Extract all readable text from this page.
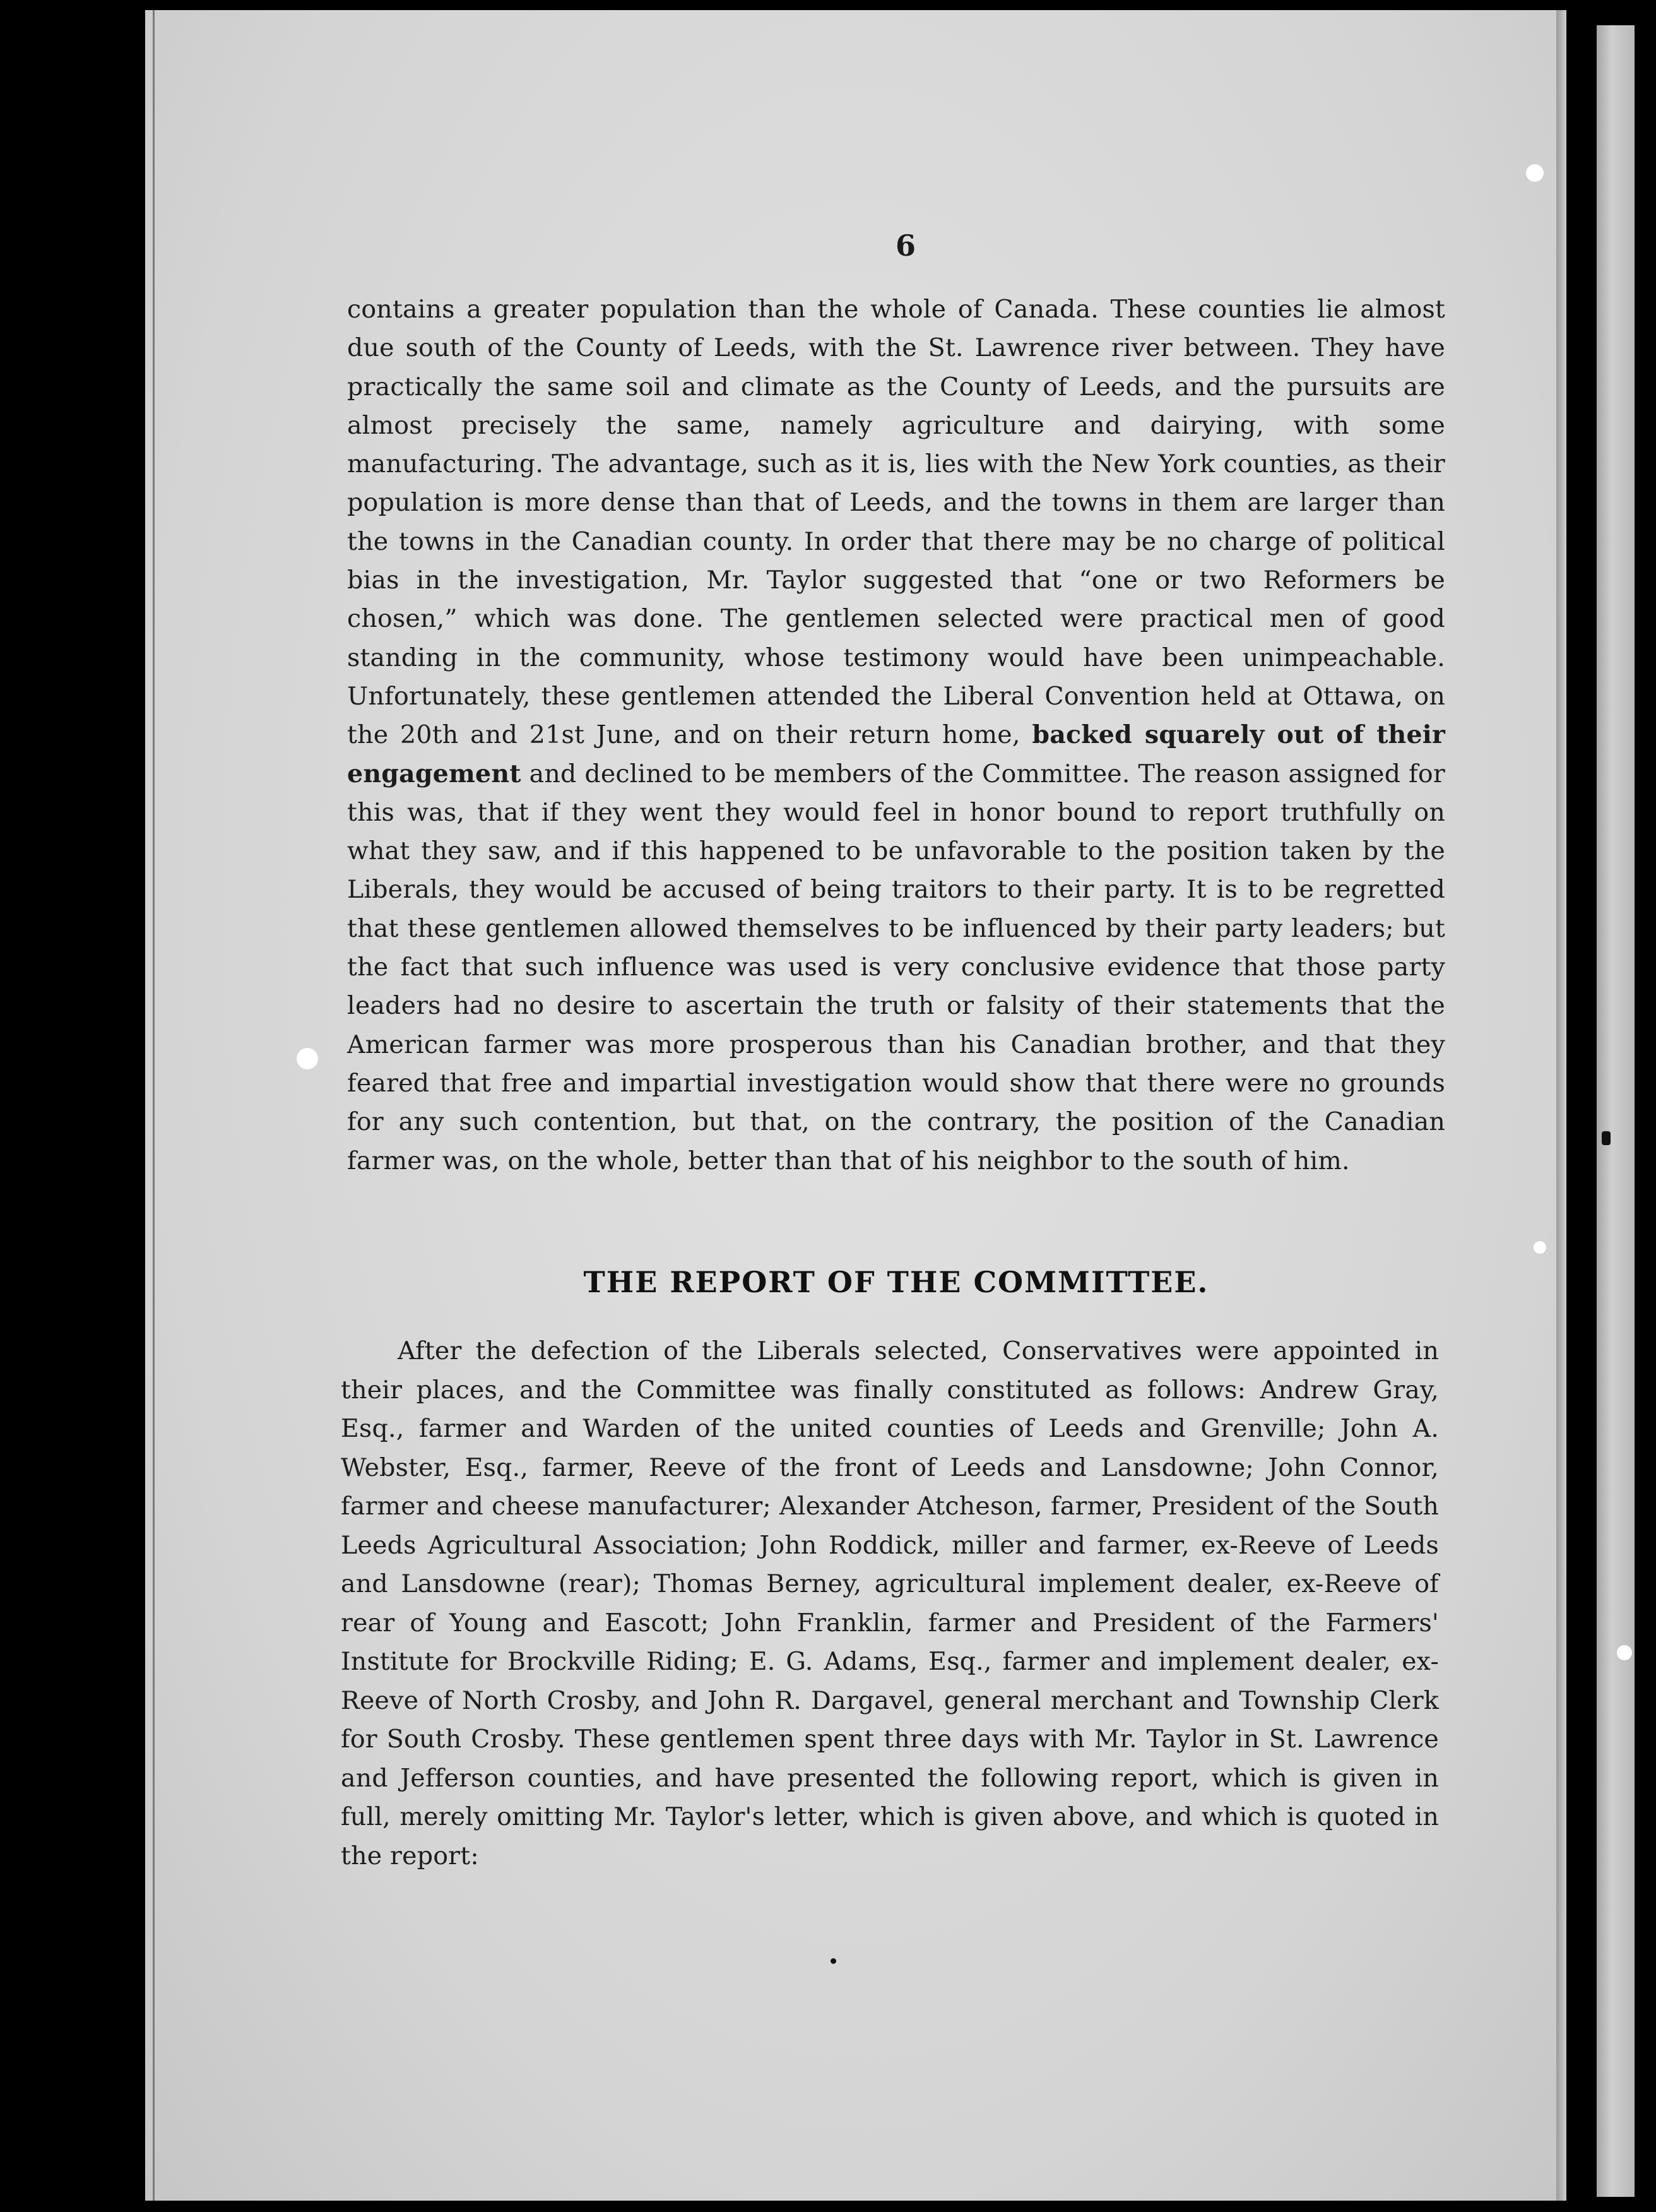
6

contains a greater population than the whole of Canada. These counties lie almost due south of the County of Leeds, with the St. Lawrence river between. They have practically the same soil and climate as the County of Leeds, and the pursuits are almost precisely the same, namely agriculture and dairying, with some manufacturing. The advantage, such as it is, lies with the New York counties, as their population is more dense than that of Leeds, and the towns in them are larger than the towns in the Canadian county. In order that there may be no charge of political bias in the investigation, Mr. Taylor suggested that “one or two Reformers be chosen,” which was done. The gentlemen selected were practical men of good standing in the community, whose testimony would have been unimpeachable. Unfortunately, these gentlemen attended the Liberal Convention held at Ottawa, on the 20th and 21st June, and on their return home, backed squarely out of their engagement and declined to be members of the Committee. The reason assigned for this was, that if they went they would feel in honor bound to report truthfully on what they saw, and if this happened to be unfavorable to the position taken by the Liberals, they would be accused of being traitors to their party. It is to be regretted that these gentlemen allowed themselves to be influenced by their party leaders; but the fact that such influence was used is very conclusive evidence that those party leaders had no desire to ascertain the truth or falsity of their statements that the American farmer was more prosperous than his Canadian brother, and that they feared that free and impartial investigation would show that there were no grounds for any such contention, but that, on the contrary, the position of the Canadian farmer was, on the whole, better than that of his neighbor to the south of him.

THE REPORT OF THE COMMITTEE.

After the defection of the Liberals selected, Conservatives were appointed in their places, and the Committee was finally constituted as follows: Andrew Gray, Esq., farmer and Warden of the united counties of Leeds and Grenville; John A. Webster, Esq., farmer, Reeve of the front of Leeds and Lansdowne; John Connor, farmer and cheese manufacturer; Alexander Atcheson, farmer, President of the South Leeds Agricultural Association; John Roddick, miller and farmer, ex-Reeve of Leeds and Lansdowne (rear); Thomas Berney, agricultural implement dealer, ex-Reeve of rear of Young and Eascott; John Franklin, farmer and President of the Farmers' Institute for Brockville Riding; E. G. Adams, Esq., farmer and implement dealer, ex-Reeve of North Crosby, and John R. Dargavel, general merchant and Township Clerk for South Crosby. These gentlemen spent three days with Mr. Taylor in St. Lawrence and Jefferson counties, and have presented the following report, which is given in full, merely omitting Mr. Taylor's letter, which is given above, and which is quoted in the report:
